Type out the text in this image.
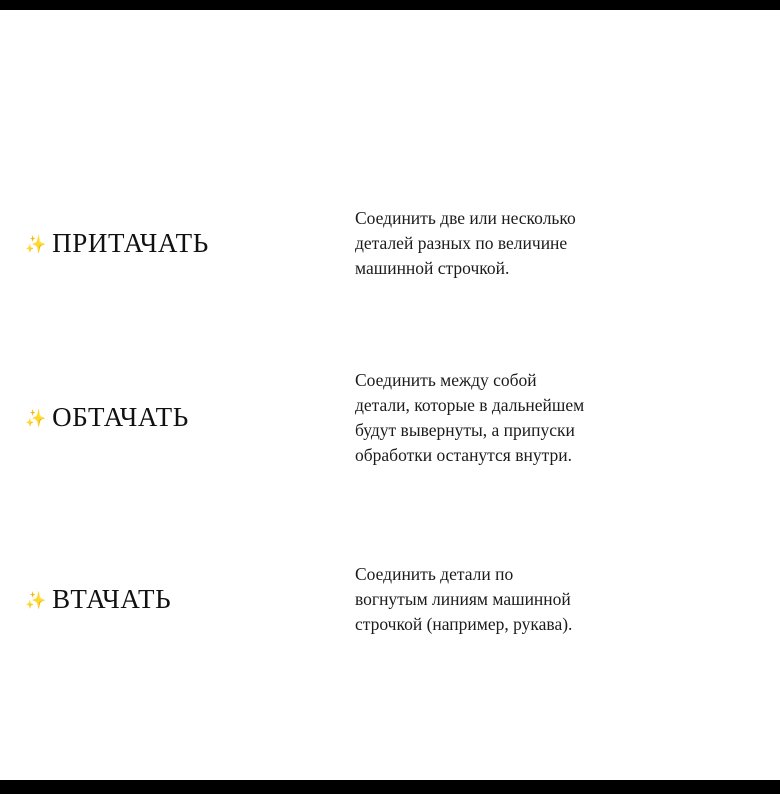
✨ ПРИТАЧАТЬ
Соединить две или несколько
деталей разных по величине
машинной строчкой.
✨ ОБТАЧАТЬ
Соединить между собой
детали, которые в дальнейшем
будут вывернуты, а припуски
обработки останутся внутри.
✨ ВТАЧАТЬ
Соединить детали по
вогнутым линиям машинной
строчкой (например, рукава).
